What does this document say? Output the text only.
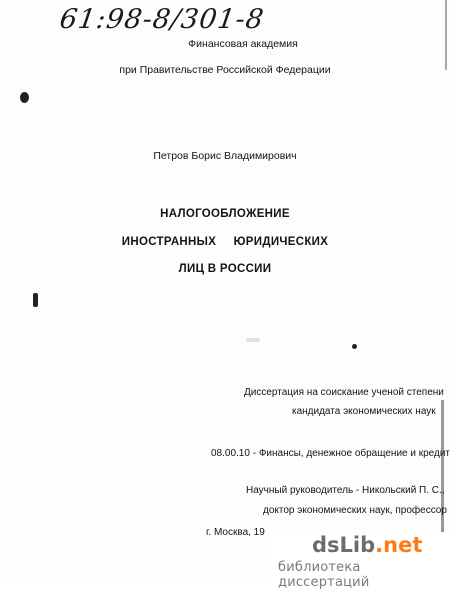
61:98-8/301-8
Финансовая академия
при Правительстве Российской Федерации
Петров Борис Владимирович
НАЛОГООБЛОЖЕНИЕ
ИНОСТРАННЫХ     ЮРИДИЧЕСКИХ
ЛИЦ В РОССИИ
Диссертация на соискание ученой степени
кандидата экономических наук
08.00.10 - Финансы, денежное обращение и кредит
Научный руководитель - Никольский П. С.,
доктор экономических наук, профессор
г. Москва, 19
dsLib.net
библиотека диссертаций
